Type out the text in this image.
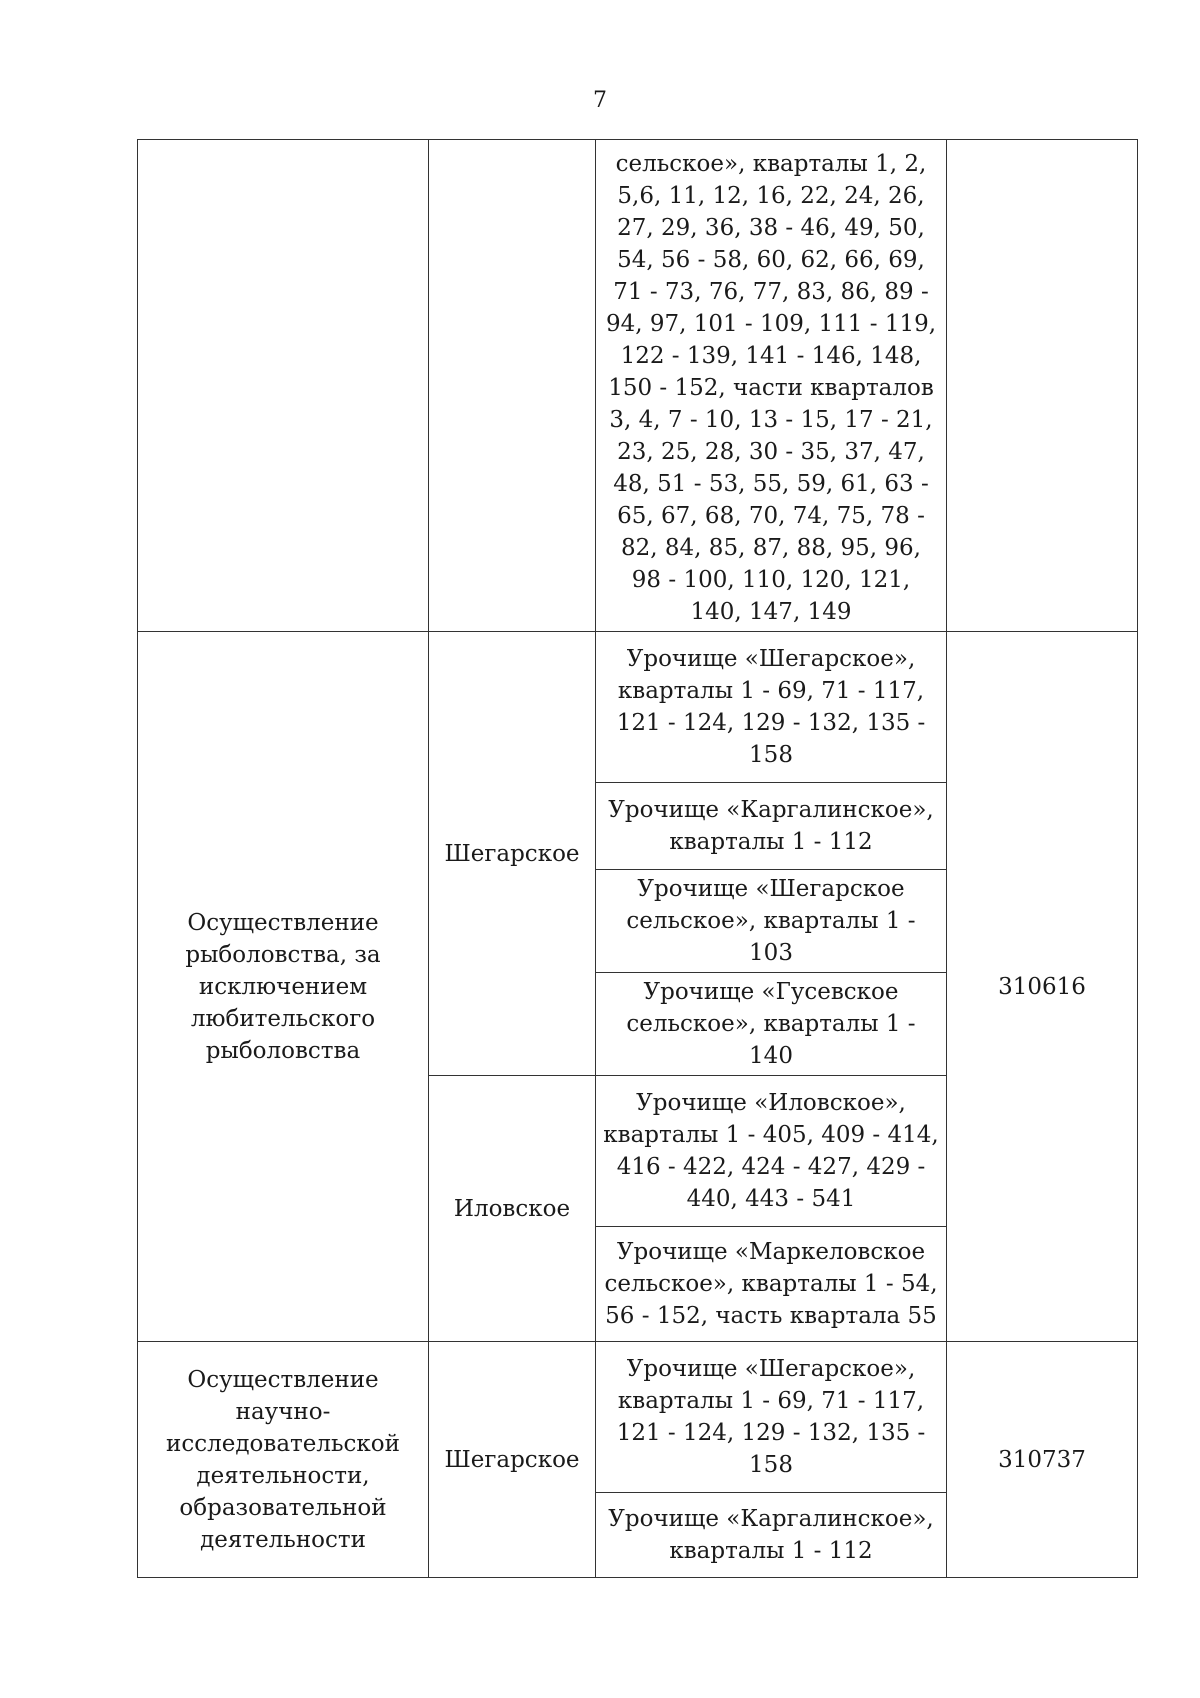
7
		сельское», кварталы 1, 2, 5,6, 11, 12, 16, 22, 24, 26, 27, 29, 36, 38 - 46, 49, 50, 54, 56 - 58, 60, 62, 66, 69, 71 - 73, 76, 77, 83, 86, 89 - 94, 97, 101 - 109, 111 - 119, 122 - 139, 141 - 146, 148, 150 - 152, части кварталов 3, 4, 7 - 10, 13 - 15, 17 - 21, 23, 25, 28, 30 - 35, 37, 47, 48, 51 - 53, 55, 59, 61, 63 - 65, 67, 68, 70, 74, 75, 78 - 82, 84, 85, 87, 88, 95, 96, 98 - 100, 110, 120, 121, 140, 147, 149	
Осуществление рыболовства, за исключением любительского рыболовства	Шегарское	Урочище «Шегарское», кварталы 1 - 69, 71 - 117, 121 - 124, 129 - 132, 135 - 158	310616
		Урочище «Каргалинское», кварталы 1 - 112	
		Урочище «Шегарское сельское», кварталы 1 - 103	
		Урочище «Гусевское сельское», кварталы 1 - 140	
	Иловское	Урочище «Иловское», кварталы 1 - 405, 409 - 414, 416 - 422, 424 - 427, 429 - 440, 443 - 541	
		Урочище «Маркеловское сельское», кварталы 1 - 54, 56 - 152, часть квартала 55	
Осуществление научно-исследовательской деятельности, образовательной деятельности	Шегарское	Урочище «Шегарское», кварталы 1 - 69, 71 - 117, 121 - 124, 129 - 132, 135 - 158	310737
		Урочище «Каргалинское», кварталы 1 - 112	
